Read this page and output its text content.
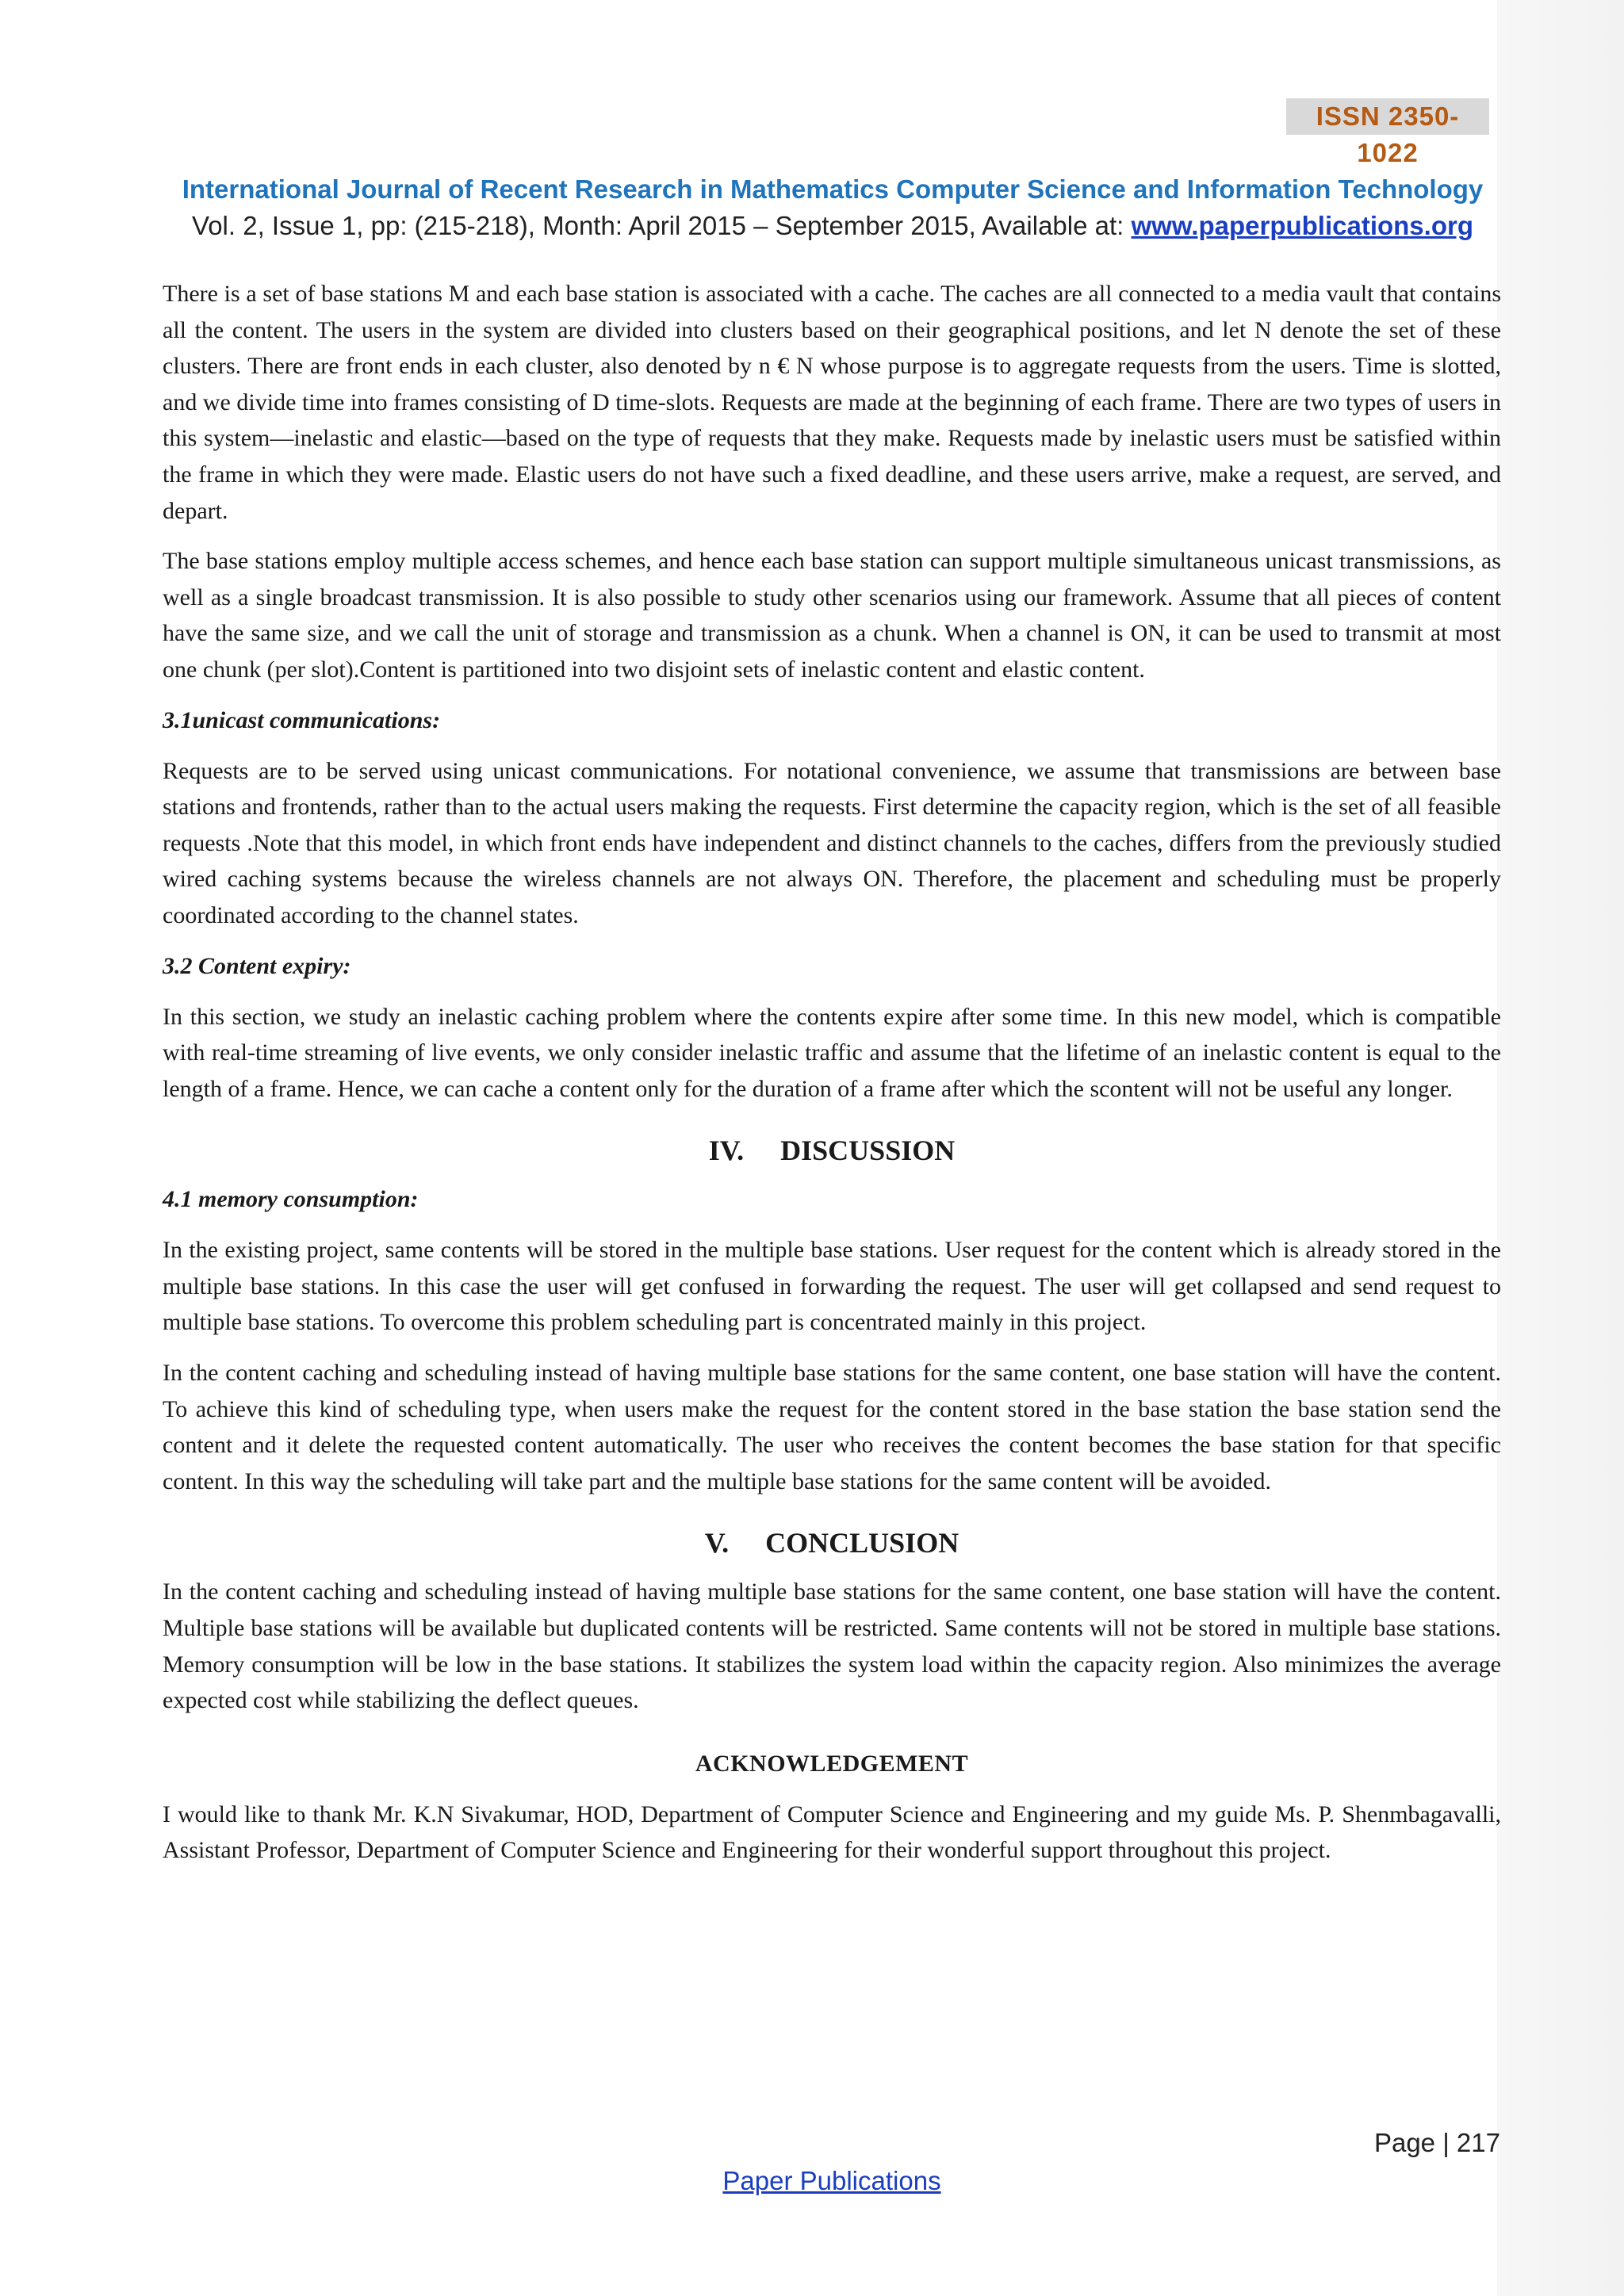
ISSN 2350-1022
International Journal of Recent Research in Mathematics Computer Science and Information Technology
Vol. 2, Issue 1, pp: (215-218), Month: April 2015 – September 2015, Available at: www.paperpublications.org

There is a set of base stations M and each base station is associated with a cache. The caches are all connected to a media vault that contains all the content. The users in the system are divided into clusters based on their geographical positions, and let N denote the set of these clusters. There are front ends in each cluster, also denoted by n € N whose purpose is to aggregate requests from the users. Time is slotted, and we divide time into frames consisting of D time-slots. Requests are made at the beginning of each frame. There are two types of users in this system—inelastic and elastic—based on the type of requests that they make. Requests made by inelastic users must be satisfied within the frame in which they were made. Elastic users do not have such a fixed deadline, and these users arrive, make a request, are served, and depart.

The base stations employ multiple access schemes, and hence each base station can support multiple simultaneous unicast transmissions, as well as a single broadcast transmission. It is also possible to study other scenarios using our framework. Assume that all pieces of content have the same size, and we call the unit of storage and transmission as a chunk. When a channel is ON, it can be used to transmit at most one chunk (per slot).Content is partitioned into two disjoint sets of inelastic content and elastic content.

3.1unicast communications:

Requests are to be served using unicast communications. For notational convenience, we assume that transmissions are between base stations and frontends, rather than to the actual users making the requests. First determine the capacity region, which is the set of all feasible requests .Note that this model, in which front ends have independent and distinct channels to the caches, differs from the previously studied wired caching systems because the wireless channels are not always ON. Therefore, the placement and scheduling must be properly coordinated according to the channel states.

3.2 Content expiry:

In this section, we study an inelastic caching problem where the contents expire after some time. In this new model, which is compatible with real-time streaming of live events, we only consider inelastic traffic and assume that the lifetime of an inelastic content is equal to the length of a frame. Hence, we can cache a content only for the duration of a frame after which the scontent will not be useful any longer.

IV. DISCUSSION
4.1 memory consumption:

In the existing project, same contents will be stored in the multiple base stations. User request for the content which is already stored in the multiple base stations. In this case the user will get confused in forwarding the request. The user will get collapsed and send request to multiple base stations. To overcome this problem scheduling part is concentrated mainly in this project.

In the content caching and scheduling instead of having multiple base stations for the same content, one base station will have the content. To achieve this kind of scheduling type, when users make the request for the content stored in the base station the base station send the content and it delete the requested content automatically. The user who receives the content becomes the base station for that specific content. In this way the scheduling will take part and the multiple base stations for the same content will be avoided.

V. CONCLUSION

In the content caching and scheduling instead of having multiple base stations for the same content, one base station will have the content. Multiple base stations will be available but duplicated contents will be restricted. Same contents will not be stored in multiple base stations. Memory consumption will be low in the base stations. It stabilizes the system load within the capacity region. Also minimizes the average expected cost while stabilizing the deflect queues.

ACKNOWLEDGEMENT

I would like to thank Mr. K.N Sivakumar, HOD, Department of Computer Science and Engineering and my guide Ms. P. Shenmbagavalli, Assistant Professor, Department of Computer Science and Engineering for their wonderful support throughout this project.

Page | 217
Paper Publications
